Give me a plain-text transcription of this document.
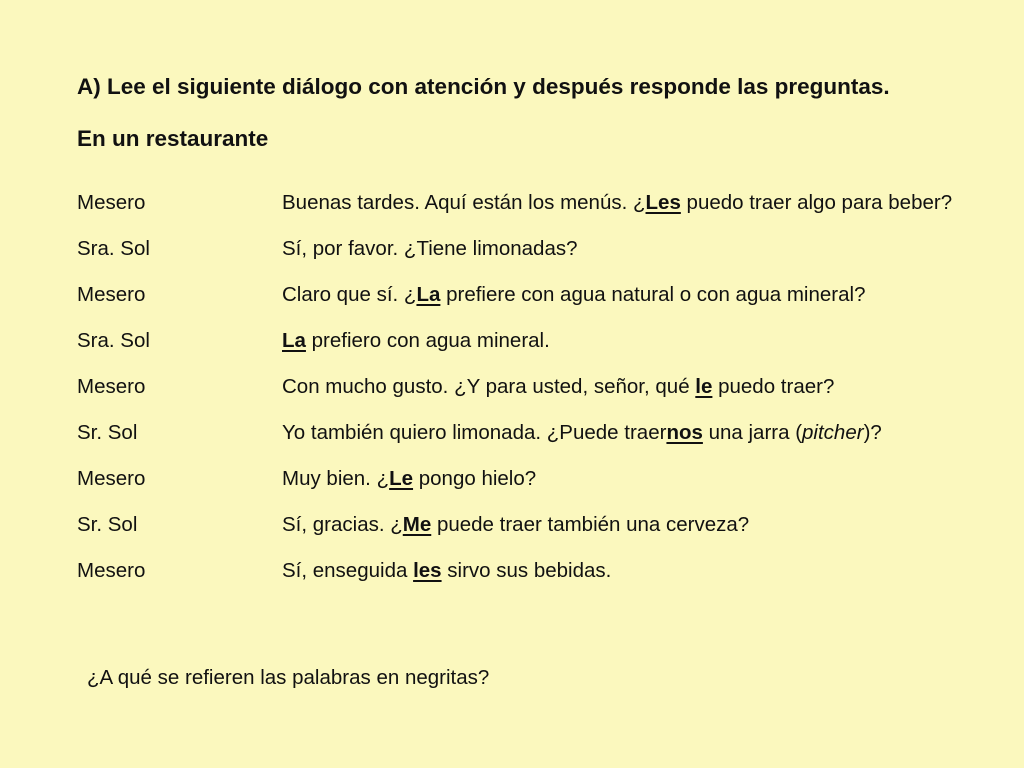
A) Lee el siguiente diálogo con atención y después responde las preguntas.

En un restaurante

Mesero	Buenas tardes. Aquí están los menús. ¿Les puedo traer algo para beber?
Sra. Sol	Sí, por favor. ¿Tiene limonadas?
Mesero	Claro que sí. ¿La prefiere con agua natural o con agua mineral?
Sra. Sol	La prefiero con agua mineral.
Mesero	Con mucho gusto. ¿Y para usted, señor, qué le puedo traer?
Sr. Sol	Yo también quiero limonada. ¿Puede traernos una jarra (pitcher)?
Mesero	Muy bien. ¿Le pongo hielo?
Sr. Sol	Sí, gracias. ¿Me puede traer también una cerveza?
Mesero	Sí, enseguida les sirvo sus bebidas.

¿A qué se refieren las palabras en negritas?
